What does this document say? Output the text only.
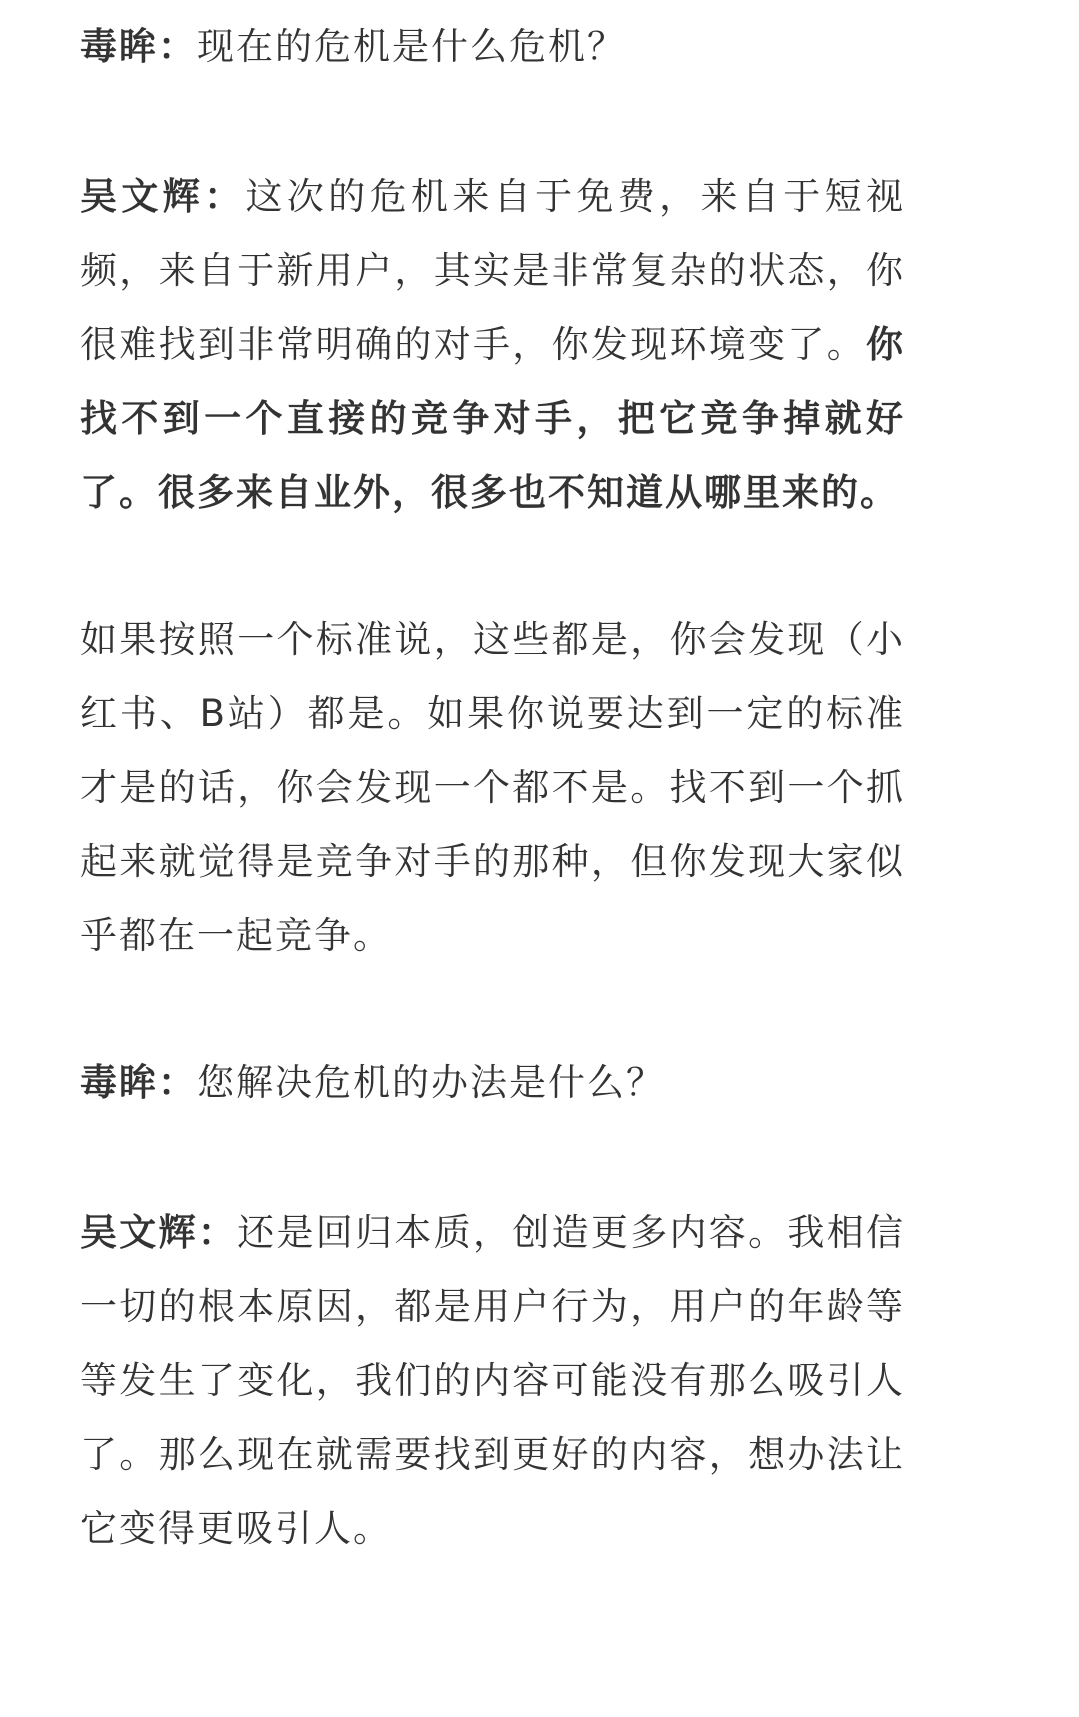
毒眸：现在的危机是什么危机？

吴文辉：这次的危机来自于免费，来自于短视频，来自于新用户，其实是非常复杂的状态，你很难找到非常明确的对手，你发现环境变了。你找不到一个直接的竞争对手，把它竞争掉就好了。很多来自业外，很多也不知道从哪里来的。

如果按照一个标准说，这些都是，你会发现（小红书、B站）都是。如果你说要达到一定的标准才是的话，你会发现一个都不是。找不到一个抓起来就觉得是竞争对手的那种，但你发现大家似乎都在一起竞争。

毒眸：您解决危机的办法是什么？

吴文辉：还是回归本质，创造更多内容。我相信一切的根本原因，都是用户行为，用户的年龄等等发生了变化，我们的内容可能没有那么吸引人了。那么现在就需要找到更好的内容，想办法让它变得更吸引人。
